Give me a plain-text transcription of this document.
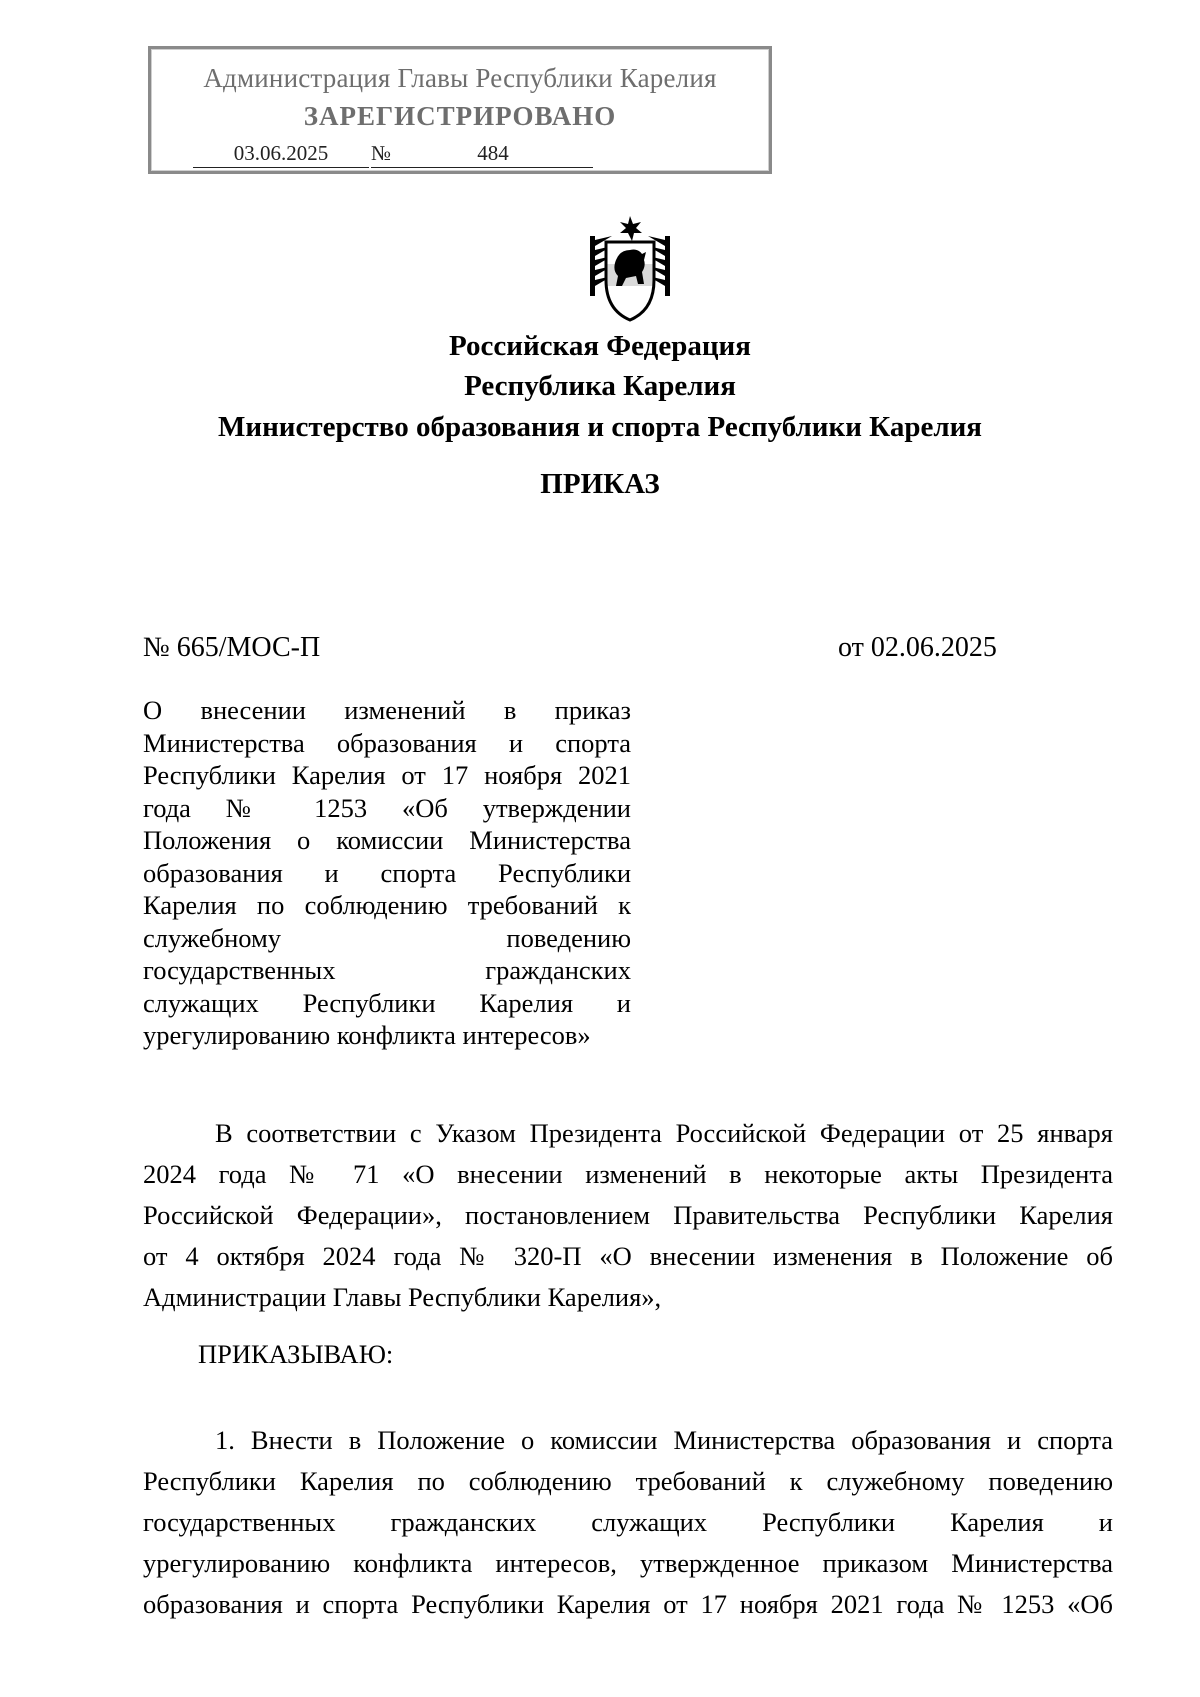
Администрация Главы Республики Карелия
ЗАРЕГИСТРИРОВАНО
03.06.2025	№	484
Российская Федерация
Республика Карелия
Министерство образования и спорта Республики Карелия
ПРИКАЗ
№ 665/МОС-П	от 02.06.2025
О внесении изменений в приказ
Министерства образования и спорта
Республики Карелия от 17 ноября 2021
года № 1253 «Об утверждении
Положения о комиссии Министерства
образования и спорта Республики
Карелия по соблюдению требований к
служебному поведению
государственных гражданских
служащих Республики Карелия и
урегулированию конфликта интересов»
В соответствии с Указом Президента Российской Федерации от 25 января
2024 года № 71 «О внесении изменений в некоторые акты Президента
Российской Федерации», постановлением Правительства Республики Карелия
от 4 октября 2024 года № 320-П «О внесении изменения в Положение об
Администрации Главы Республики Карелия»,
ПРИКАЗЫВАЮ:
1. Внести в Положение о комиссии Министерства образования и спорта
Республики Карелия по соблюдению требований к служебному поведению
государственных гражданских служащих Республики Карелия и
урегулированию конфликта интересов, утвержденное приказом Министерства
образования и спорта Республики Карелия от 17 ноября 2021 года № 1253 «Об
